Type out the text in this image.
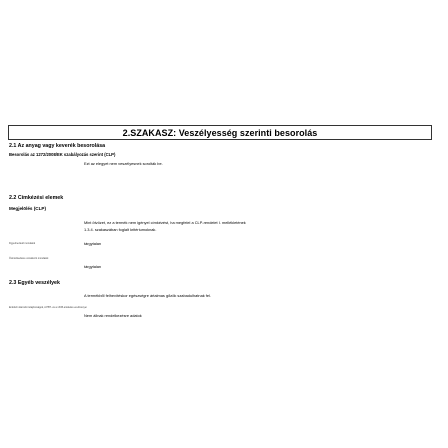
2.SZAKASZ: Veszélyesség szerinti besorolás
2.1 Az anyag vagy keverék besorolása
Besorolás az 1272/2008/EK szabályozás szerint (CLP)
Ezt az elegyet nem veszélyesnek sorolták be.
2.2 Címkézési elemek
Megjelölés (CLP)
Mint ötvözet, ez a termék nem igényel címkézést, ha megfelel a CLP-rendelet I. mellékletének
1.3.4. szakaszában foglalt kritériumoknak.
Figyelmeztető mondatok	tárgytalan
Óvintézkedésre vonatkozó mondatok
tárgytalan
2.3 Egyéb veszélyek
A termékből felhevítéskor egészségre ártalmas gőzök szabadulhatnak fel.
Endokrin károsító tulajdonságok, A PBT- és a vPvB-értékelés eredményei
Nem állnak rendelkezésre adatok
